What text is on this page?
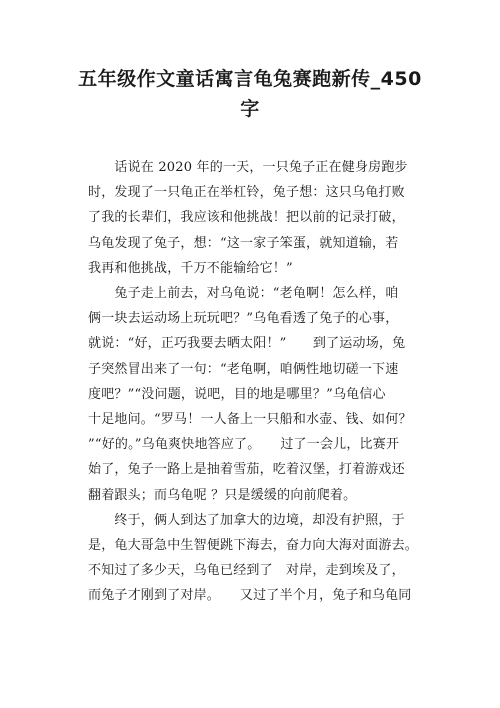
五年级作文童话寓言龟兔赛跑新传_450
字
　　话说在 2020 年的一天，一只兔子正在健身房跑步
时，发现了一只龟正在举杠铃，兔子想：这只乌龟打败
了我的长辈们，我应该和他挑战！把以前的记录打破，
乌龟发现了兔子，想：“这一家子笨蛋，就知道输，若
我再和他挑战，千万不能输给它！”
　　兔子走上前去，对乌龟说：“老龟啊！怎么样，咱
俩一块去运动场上玩玩吧？”乌龟看透了兔子的心事，
就说：“好，正巧我要去晒太阳！”　　到了运动场，兔
子突然冒出来了一句：“老龟啊，咱俩性地切磋一下速
度吧？”“没问题，说吧，目的地是哪里？”乌龟信心
十足地问。“罗马！一人备上一只船和水壶、钱、如何？
”“好的。”乌龟爽快地答应了。　　过了一会儿，比赛开
始了，兔子一路上是抽着雪茄，吃着汉堡，打着游戏还
翻着跟头；而乌龟呢 ？只是缓缓的向前爬着。
　　终于，俩人到达了加拿大的边境，却没有护照，于
是，龟大哥急中生智便跳下海去，奋力向大海对面游去。
不知过了多少天，乌龟已经到了　对岸，走到埃及了，
而兔子才刚到了对岸。　　又过了半个月，兔子和乌龟同
